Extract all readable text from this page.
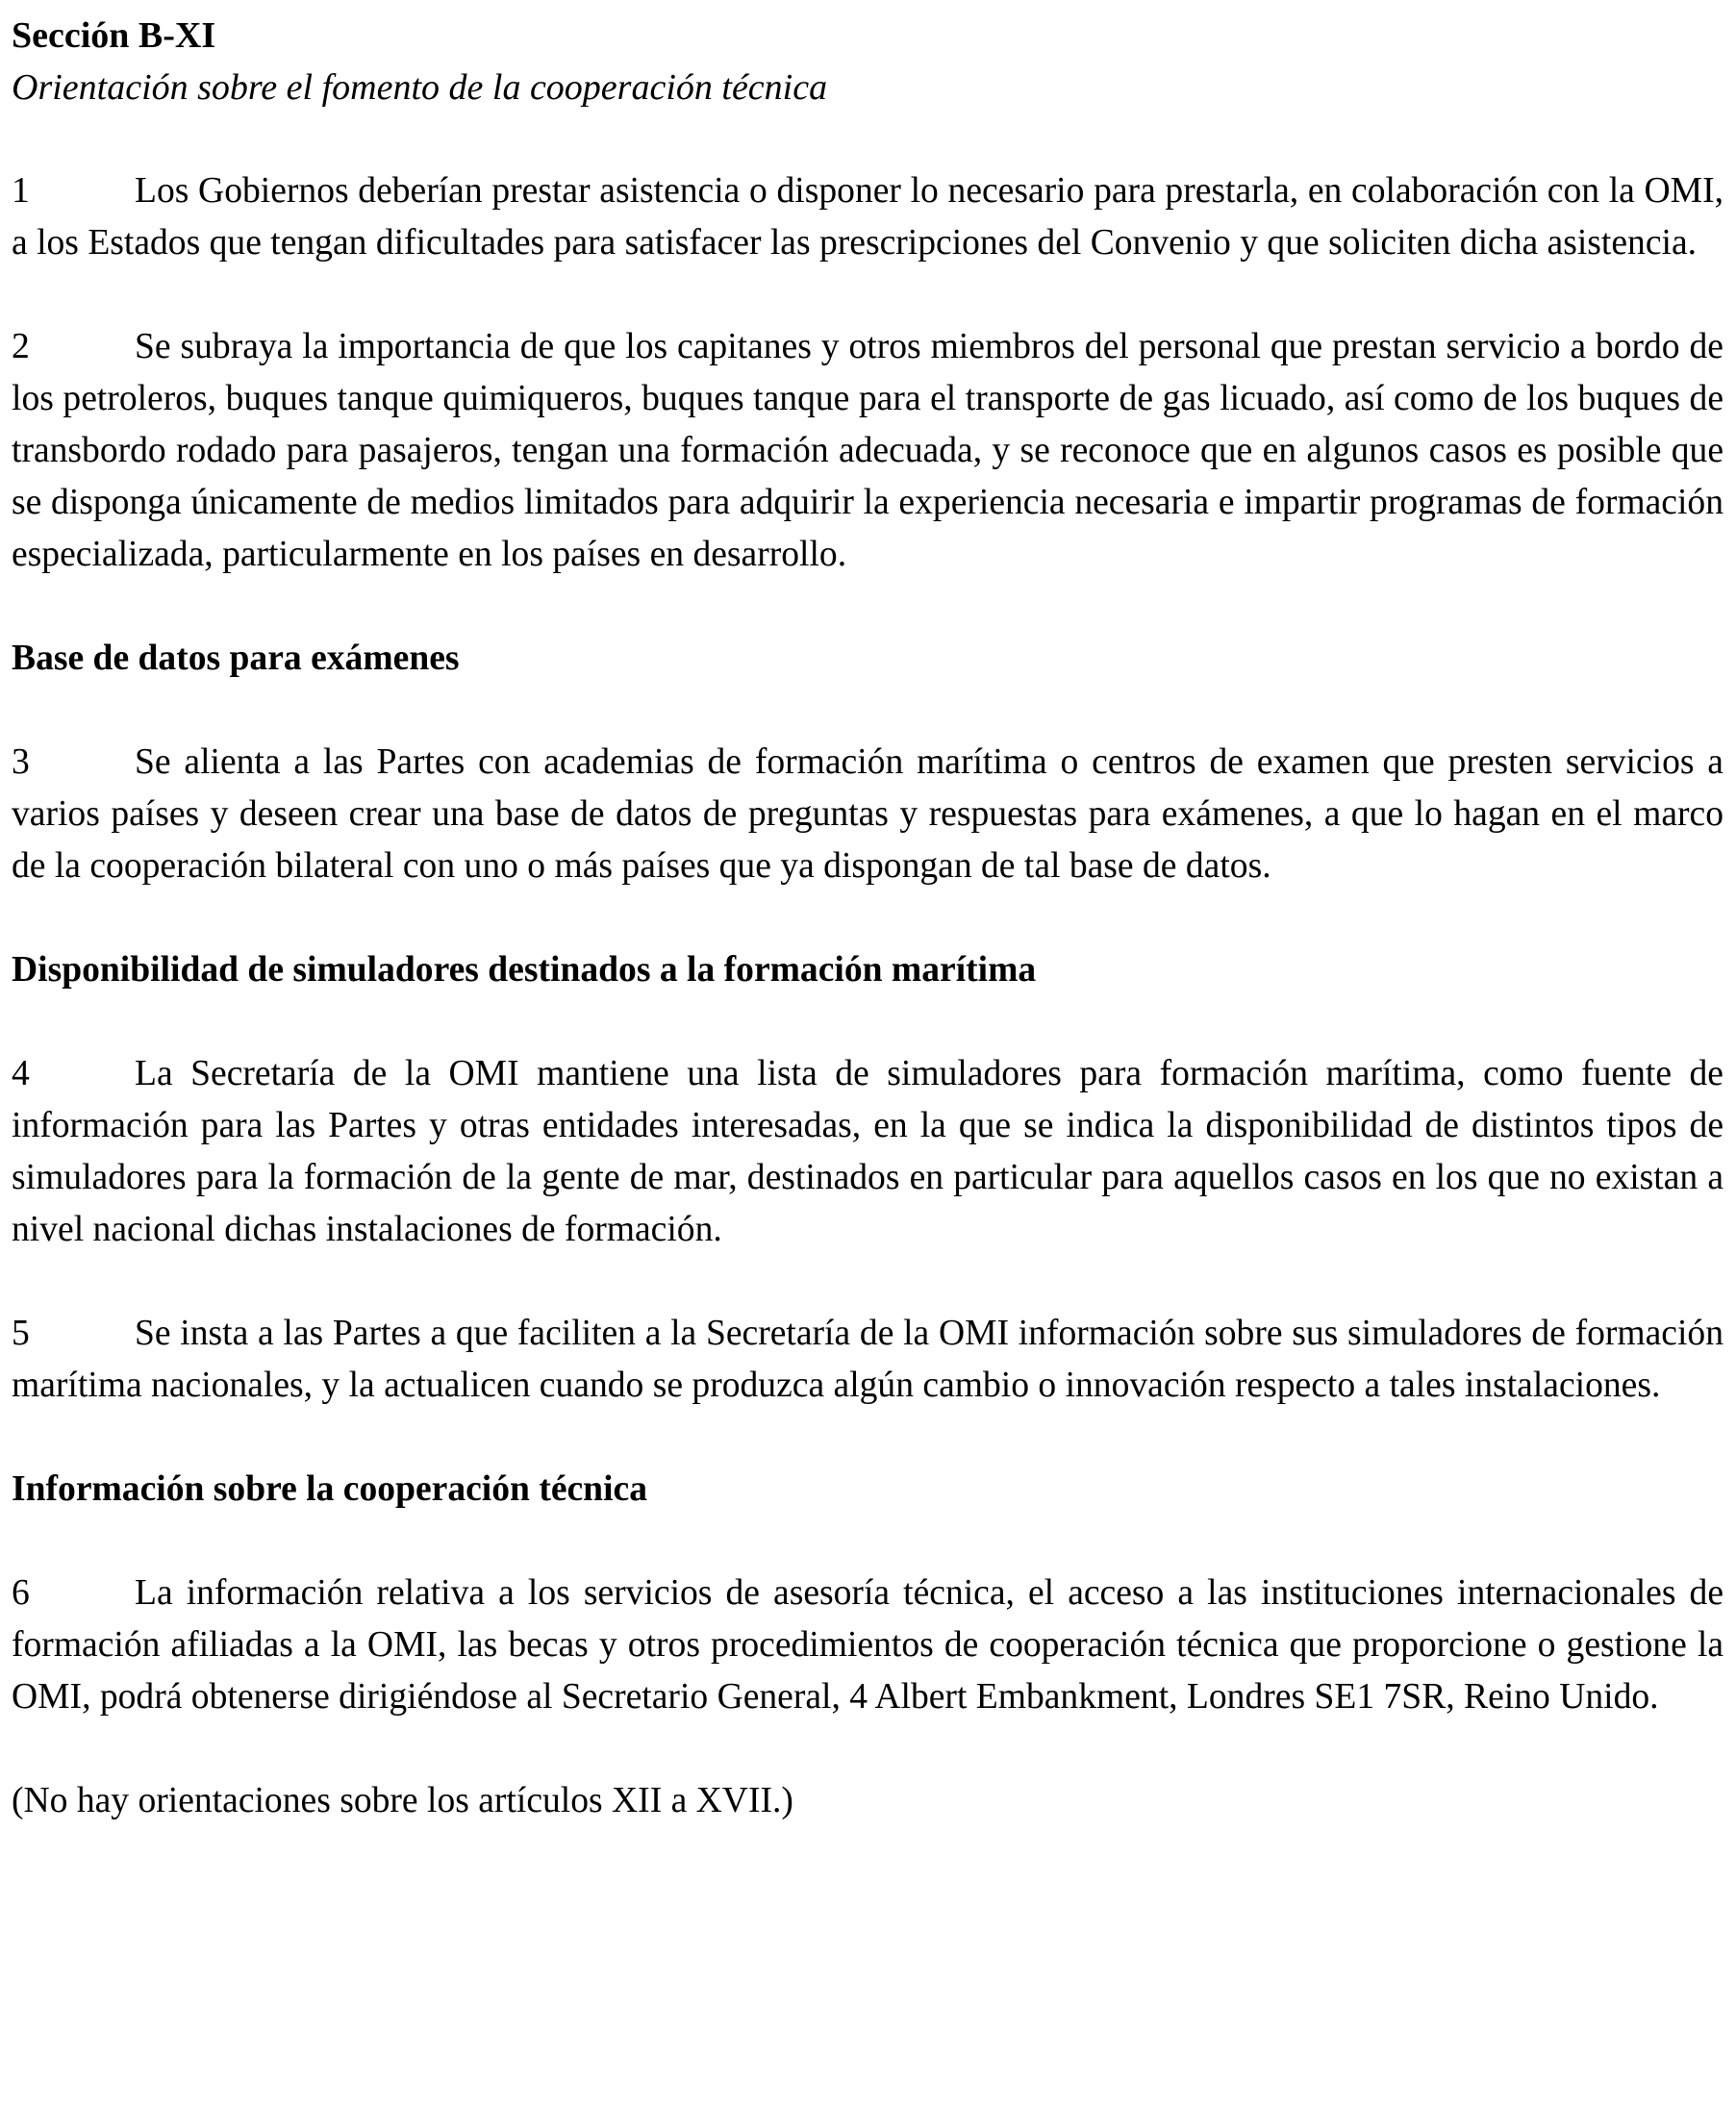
Sección B-XI

Orientación sobre el fomento de la cooperación técnica

1	Los Gobiernos deberían prestar asistencia o disponer lo necesario para prestarla, en colaboración con la OMI, a los Estados que tengan dificultades para satisfacer las prescripciones del Convenio y que soliciten dicha asistencia.

2	Se subraya la importancia de que los capitanes y otros miembros del personal que prestan servicio a bordo de los petroleros, buques tanque quimiqueros, buques tanque para el transporte de gas licuado, así como de los buques de transbordo rodado para pasajeros, tengan una formación adecuada, y se reconoce que en algunos casos es posible que se disponga únicamente de medios limitados para adquirir la experiencia necesaria e impartir programas de formación especializada, particularmente en los países en desarrollo.

Base de datos para exámenes

3	Se alienta a las Partes con academias de formación marítima o centros de examen que presten servicios a varios países y deseen crear una base de datos de preguntas y respuestas para exámenes, a que lo hagan en el marco de la cooperación bilateral con uno o más países que ya dispongan de tal base de datos.

Disponibilidad de simuladores destinados a la formación marítima

4	La Secretaría de la OMI mantiene una lista de simuladores para formación marítima, como fuente de información para las Partes y otras entidades interesadas, en la que se indica la disponibilidad de distintos tipos de simuladores para la formación de la gente de mar, destinados en particular para aquellos casos en los que no existan a nivel nacional dichas instalaciones de formación.

5	Se insta a las Partes a que faciliten a la Secretaría de la OMI información sobre sus simuladores de formación marítima nacionales, y la actualicen cuando se produzca algún cambio o innovación respecto a tales instalaciones.

Información sobre la cooperación técnica

6	La información relativa a los servicios de asesoría técnica, el acceso a las instituciones internacionales de formación afiliadas a la OMI, las becas y otros procedimientos de cooperación técnica que proporcione o gestione la OMI, podrá obtenerse dirigiéndose al Secretario General, 4 Albert Embankment, Londres SE1 7SR, Reino Unido.

(No hay orientaciones sobre los artículos XII a XVII.)
